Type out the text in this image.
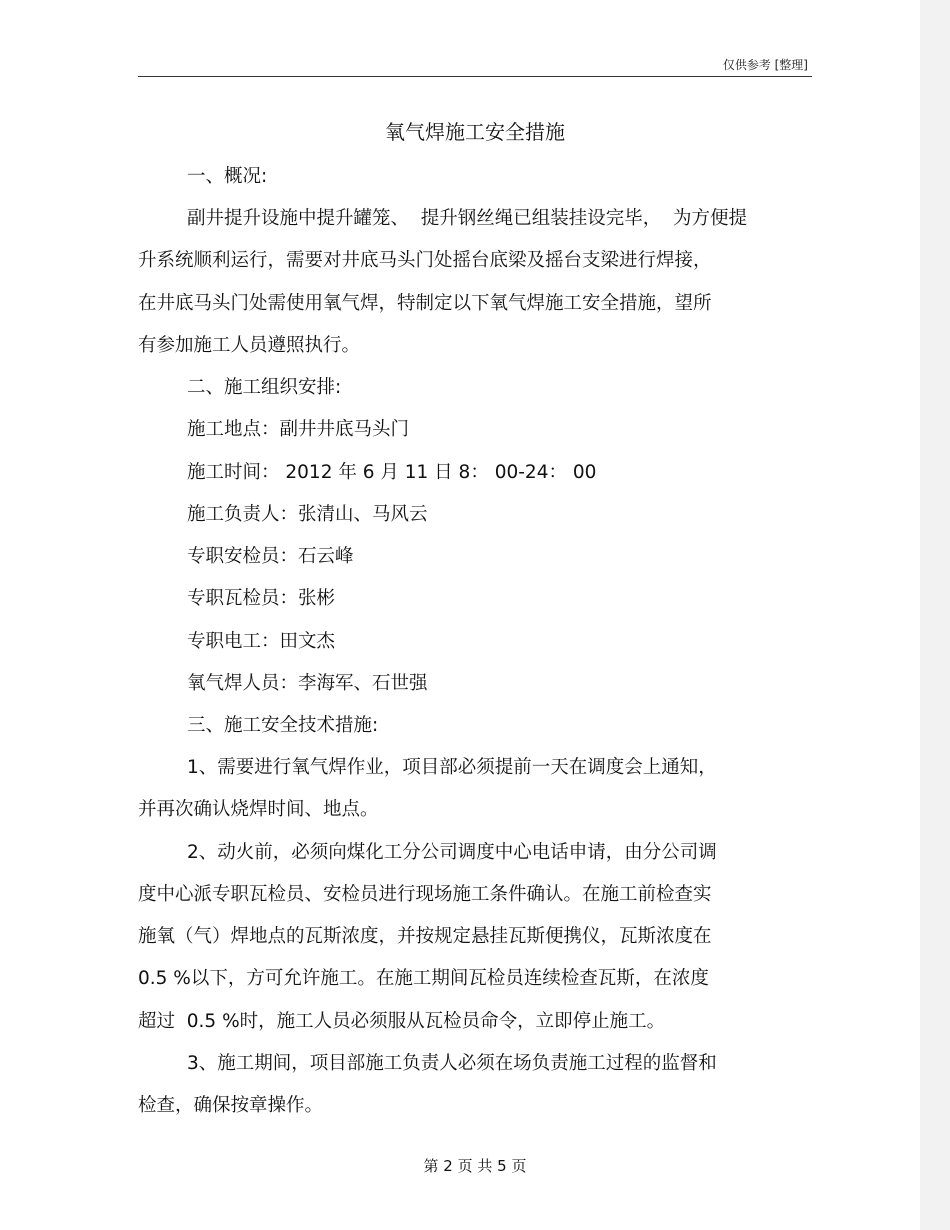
仅供参考 [整理]
氧气焊施工安全措施
一、概况:
副井提升设施中提升罐笼、  提升钢丝绳已组装挂设完毕，  为方便提
升系统顺利运行，需要对井底马头门处摇台底梁及摇台支梁进行焊接，
在井底马头门处需使用氧气焊，特制定以下氧气焊施工安全措施，望所
有参加施工人员遵照执行。
二、施工组织安排:
施工地点：副井井底马头门
施工时间： 2012 年 6 月 11 日 8： 00-24： 00
施工负责人：张清山、马风云
专职安检员：石云峰
专职瓦检员：张彬
专职电工：田文杰
氧气焊人员：李海军、石世强
三、施工安全技术措施:
1、需要进行氧气焊作业，项目部必须提前一天在调度会上通知，
并再次确认烧焊时间、地点。
2、动火前，必须向煤化工分公司调度中心电话申请，由分公司调
度中心派专职瓦检员、安检员进行现场施工条件确认。在施工前检查实
施氧（气）焊地点的瓦斯浓度，并按规定悬挂瓦斯便携仪，瓦斯浓度在
0.5 %以下，方可允许施工。在施工期间瓦检员连续检查瓦斯，在浓度
超过  0.5 %时，施工人员必须服从瓦检员命令，立即停止施工。
3、施工期间，项目部施工负责人必须在场负责施工过程的监督和
检查，确保按章操作。
第 2 页 共 5 页
